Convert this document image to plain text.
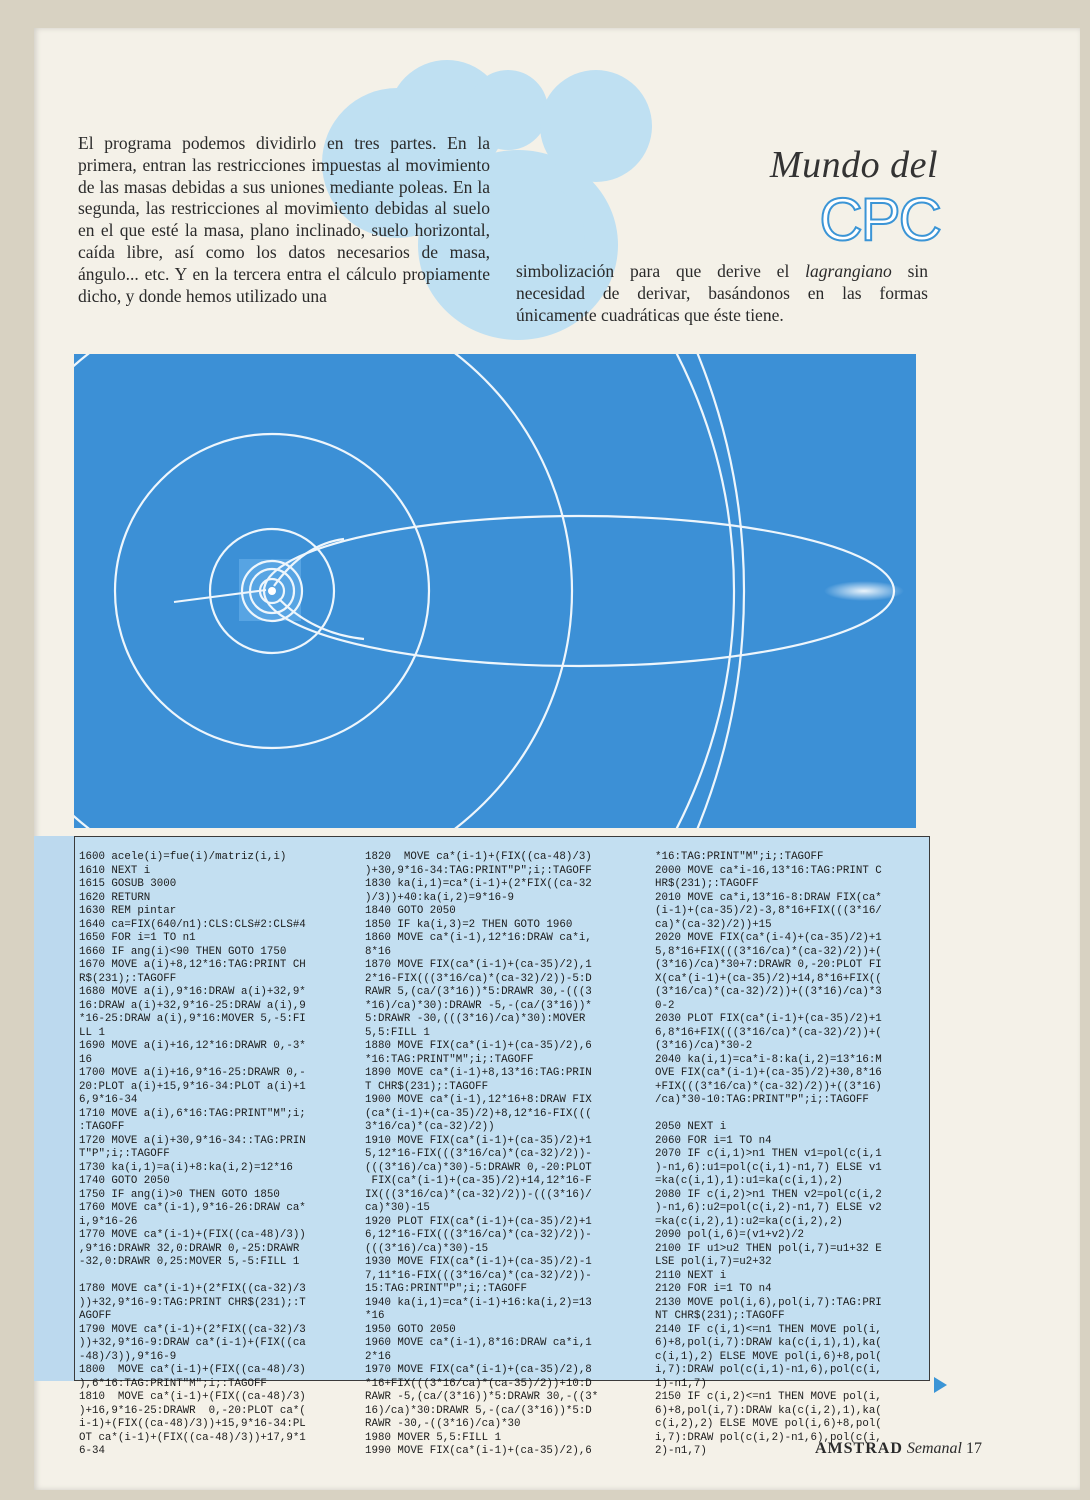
El programa podemos dividirlo en tres partes. En la primera, entran las restricciones impuestas al movimiento de las masas debidas a sus uniones mediante poleas. En la segunda, las restricciones al movimiento debidas al suelo en el que esté la masa, plano inclinado, suelo horizontal, caída libre, así como los datos necesarios de masa, ángulo... etc. Y en la tercera entra el cálculo propiamente dicho, y donde hemos utilizado una
Mundo del
CPC
simbolización para que derive el lagrangiano sin necesidad de derivar, basándonos en las formas únicamente cuadráticas que éste tiene.
1600 acele(i)=fue(i)/matriz(i,i)
1610 NEXT i
1615 GOSUB 3000
1620 RETURN
1630 REM pintar
1640 ca=FIX(640/n1):CLS:CLS#2:CLS#4
1650 FOR i=1 TO n1
1660 IF ang(i)<90 THEN GOTO 1750
1670 MOVE a(i)+8,12*16:TAG:PRINT CH
R$(231);:TAGOFF
1680 MOVE a(i),9*16:DRAW a(i)+32,9*
16:DRAW a(i)+32,9*16-25:DRAW a(i),9
*16-25:DRAW a(i),9*16:MOVER 5,-5:FI
LL 1
1690 MOVE a(i)+16,12*16:DRAWR 0,-3*
16
1700 MOVE a(i)+16,9*16-25:DRAWR 0,-
20:PLOT a(i)+15,9*16-34:PLOT a(i)+1
6,9*16-34
1710 MOVE a(i),6*16:TAG:PRINT"M";i;
:TAGOFF
1720 MOVE a(i)+30,9*16-34::TAG:PRIN
T"P";i;:TAGOFF
1730 ka(i,1)=a(i)+8:ka(i,2)=12*16
1740 GOTO 2050
1750 IF ang(i)>0 THEN GOTO 1850
1760 MOVE ca*(i-1),9*16-26:DRAW ca*
i,9*16-26
1770 MOVE ca*(i-1)+(FIX((ca-48)/3))
,9*16:DRAWR 32,0:DRAWR 0,-25:DRAWR
-32,0:DRAWR 0,25:MOVER 5,-5:FILL 1

1780 MOVE ca*(i-1)+(2*FIX((ca-32)/3
))+32,9*16-9:TAG:PRINT CHR$(231);:T
AGOFF
1790 MOVE ca*(i-1)+(2*FIX((ca-32)/3
))+32,9*16-9:DRAW ca*(i-1)+(FIX((ca
-48)/3)),9*16-9
1800  MOVE ca*(i-1)+(FIX((ca-48)/3)
),6*16:TAG:PRINT"M";i;:TAGOFF
1810  MOVE ca*(i-1)+(FIX((ca-48)/3)
)+16,9*16-25:DRAWR  0,-20:PLOT ca*(
i-1)+(FIX((ca-48)/3))+15,9*16-34:PL
OT ca*(i-1)+(FIX((ca-48)/3))+17,9*1
6-34
1820  MOVE ca*(i-1)+(FIX((ca-48)/3)
)+30,9*16-34:TAG:PRINT"P";i;:TAGOFF
1830 ka(i,1)=ca*(i-1)+(2*FIX((ca-32
)/3))+40:ka(i,2)=9*16-9
1840 GOTO 2050
1850 IF ka(i,3)=2 THEN GOTO 1960
1860 MOVE ca*(i-1),12*16:DRAW ca*i,
8*16
1870 MOVE FIX(ca*(i-1)+(ca-35)/2),1
2*16-FIX(((3*16/ca)*(ca-32)/2))-5:D
RAWR 5,(ca/(3*16))*5:DRAWR 30,-(((3
*16)/ca)*30):DRAWR -5,-(ca/(3*16))*
5:DRAWR -30,(((3*16)/ca)*30):MOVER
5,5:FILL 1
1880 MOVE FIX(ca*(i-1)+(ca-35)/2),6
*16:TAG:PRINT"M";i;:TAGOFF
1890 MOVE ca*(i-1)+8,13*16:TAG:PRIN
T CHR$(231);:TAGOFF
1900 MOVE ca*(i-1),12*16+8:DRAW FIX
(ca*(i-1)+(ca-35)/2)+8,12*16-FIX(((
3*16/ca)*(ca-32)/2))
1910 MOVE FIX(ca*(i-1)+(ca-35)/2)+1
5,12*16-FIX(((3*16/ca)*(ca-32)/2))-
(((3*16)/ca)*30)-5:DRAWR 0,-20:PLOT
FIX(ca*(i-1)+(ca-35)/2)+14,12*16-F
IX(((3*16/ca)*(ca-32)/2))-(((3*16)/
ca)*30)-15
1920 PLOT FIX(ca*(i-1)+(ca-35)/2)+1
6,12*16-FIX(((3*16/ca)*(ca-32)/2))-
(((3*16)/ca)*30)-15
1930 MOVE FIX(ca*(i-1)+(ca-35)/2)-1
7,11*16-FIX(((3*16/ca)*(ca-32)/2))-
15:TAG:PRINT"P";i;:TAGOFF
1940 ka(i,1)=ca*(i-1)+16:ka(i,2)=13
*16
1950 GOTO 2050
1960 MOVE ca*(i-1),8*16:DRAW ca*i,1
2*16
1970 MOVE FIX(ca*(i-1)+(ca-35)/2),8
*16+FIX(((3*16/ca)*(ca-35)/2))+10:D
RAWR -5,(ca/(3*16))*5:DRAWR 30,-((3*
16)/ca)*30:DRAWR 5,-(ca/(3*16))*5:D
RAWR -30,-((3*16)/ca)*30
1980 MOVER 5,5:FILL 1
1990 MOVE FIX(ca*(i-1)+(ca-35)/2),6
*16:TAG:PRINT"M";i;:TAGOFF
2000 MOVE ca*i-16,13*16:TAG:PRINT C
HR$(231);:TAGOFF
2010 MOVE ca*i,13*16-8:DRAW FIX(ca*
(i-1)+(ca-35)/2)-3,8*16+FIX(((3*16/
ca)*(ca-32)/2))+15
2020 MOVE FIX(ca*(i-4)+(ca-35)/2)+1
5,8*16+FIX(((3*16/ca)*(ca-32)/2))+(
(3*16)/ca)*30+7:DRAWR 0,-20:PLOT FI
X(ca*(i-1)+(ca-35)/2)+14,8*16+FIX((
(3*16/ca)*(ca-32)/2))+((3*16)/ca)*3
0-2
2030 PLOT FIX(ca*(i-1)+(ca-35)/2)+1
6,8*16+FIX(((3*16/ca)*(ca-32)/2))+(
(3*16)/ca)*30-2
2040 ka(i,1)=ca*i-8:ka(i,2)=13*16:M
OVE FIX(ca*(i-1)+(ca-35)/2)+30,8*16
+FIX(((3*16/ca)*(ca-32)/2))+((3*16)
/ca)*30-10:TAG:PRINT"P";i;:TAGOFF

2050 NEXT i
2060 FOR i=1 TO n4
2070 IF c(i,1)>n1 THEN v1=pol(c(i,1
)-n1,6):u1=pol(c(i,1)-n1,7) ELSE v1
=ka(c(i,1),1):u1=ka(c(i,1),2)
2080 IF c(i,2)>n1 THEN v2=pol(c(i,2
)-n1,6):u2=pol(c(i,2)-n1,7) ELSE v2
=ka(c(i,2),1):u2=ka(c(i,2),2)
2090 pol(i,6)=(v1+v2)/2
2100 IF u1>u2 THEN pol(i,7)=u1+32 E
LSE pol(i,7)=u2+32
2110 NEXT i
2120 FOR i=1 TO n4
2130 MOVE pol(i,6),pol(i,7):TAG:PRI
NT CHR$(231);:TAGOFF
2140 IF c(i,1)<=n1 THEN MOVE pol(i,
6)+8,pol(i,7):DRAW ka(c(i,1),1),ka(
c(i,1),2) ELSE MOVE pol(i,6)+8,pol(
i,7):DRAW pol(c(i,1)-n1,6),pol(c(i,
1)-n1,7)
2150 IF c(i,2)<=n1 THEN MOVE pol(i,
6)+8,pol(i,7):DRAW ka(c(i,2),1),ka(
c(i,2),2) ELSE MOVE pol(i,6)+8,pol(
i,7):DRAW pol(c(i,2)-n1,6),pol(c(i,
2)-n1,7)	AMSTRAD Semanal 17
